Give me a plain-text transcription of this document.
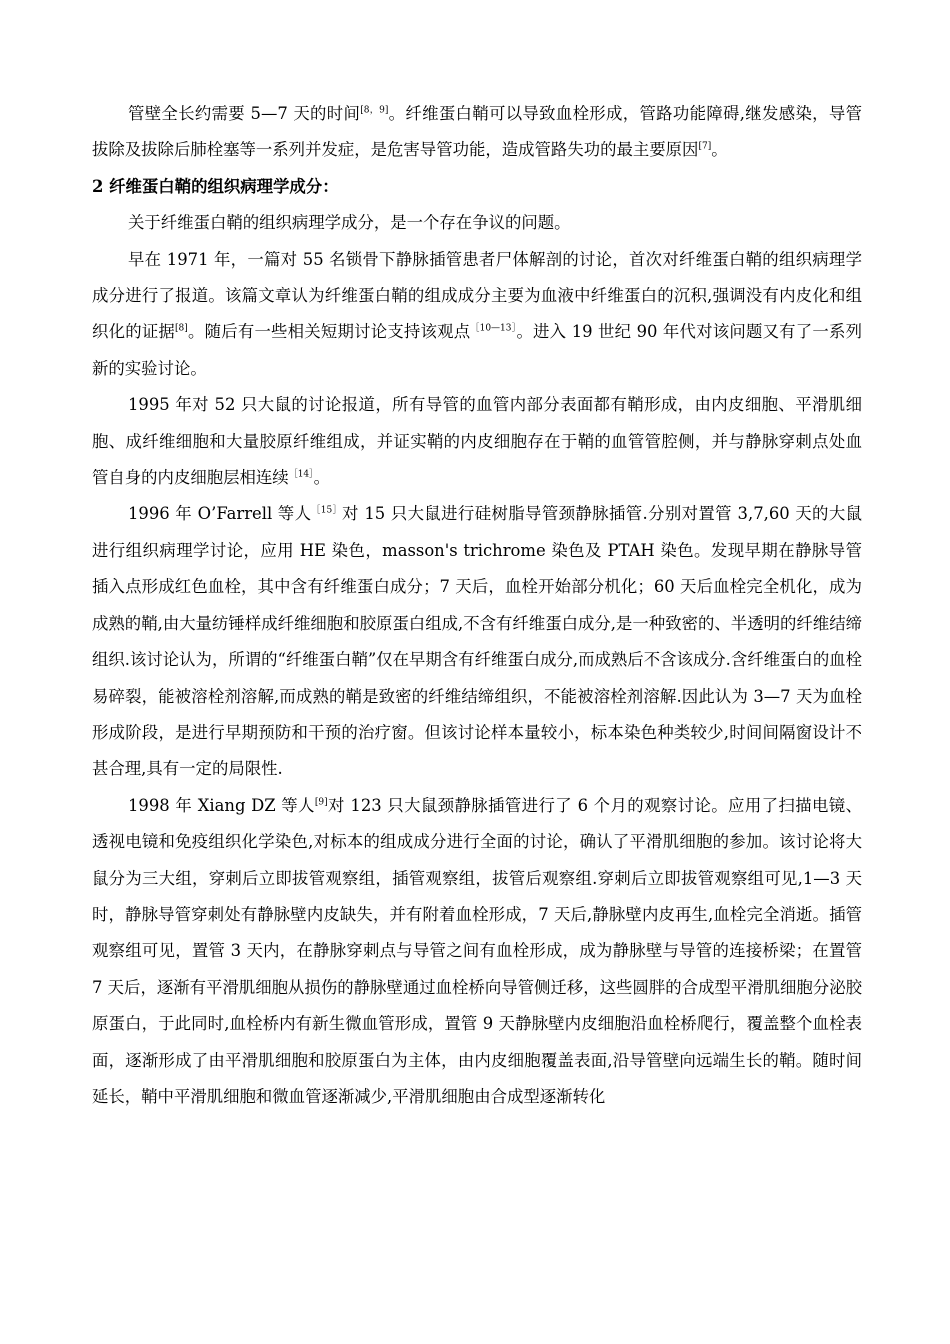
管壁全长约需要 5—7 天的时间[8，9]。纤维蛋白鞘可以导致血栓形成，管路功能障碍,继发感染，导管拔除及拔除后肺栓塞等一系列并发症，是危害导管功能，造成管路失功的最主要原因[7]。

2 纤维蛋白鞘的组织病理学成分：

关于纤维蛋白鞘的组织病理学成分，是一个存在争议的问题。

早在 1971 年，一篇对 55 名锁骨下静脉插管患者尸体解剖的讨论，首次对纤维蛋白鞘的组织病理学成分进行了报道。该篇文章认为纤维蛋白鞘的组成成分主要为血液中纤维蛋白的沉积,强调没有内皮化和组织化的证据[8]。随后有一些相关短期讨论支持该观点$^{[10—13]}$。进入 19 世纪 90 年代对该问题又有了一系列新的实验讨论。

1995 年对 52 只大鼠的讨论报道，所有导管的血管内部分表面都有鞘形成，由内皮细胞、平滑肌细胞、成纤维细胞和大量胶原纤维组成，并证实鞘的内皮细胞存在于鞘的血管管腔侧，并与静脉穿刺点处血管自身的内皮细胞层相连续$^{[14]}$。

1996 年 O’Farrell 等人$^{[15]}$对 15 只大鼠进行硅树脂导管颈静脉插管.分别对置管 3,7,60 天的大鼠进行组织病理学讨论，应用 HE 染色，masson's trichrome 染色及 PTAH 染色。发现早期在静脉导管插入点形成红色血栓，其中含有纤维蛋白成分；7 天后，血栓开始部分机化；60 天后血栓完全机化，成为成熟的鞘,由大量纺锤样成纤维细胞和胶原蛋白组成,不含有纤维蛋白成分,是一种致密的、半透明的纤维结缔组织.该讨论认为，所谓的“纤维蛋白鞘”仅在早期含有纤维蛋白成分,而成熟后不含该成分.含纤维蛋白的血栓易碎裂，能被溶栓剂溶解,而成熟的鞘是致密的纤维结缔组织，不能被溶栓剂溶解.因此认为 3—7 天为血栓形成阶段，是进行早期预防和干预的治疗窗。但该讨论样本量较小，标本染色种类较少,时间间隔窗设计不甚合理,具有一定的局限性.

1998 年 Xiang DZ 等人[9]对 123 只大鼠颈静脉插管进行了 6 个月的观察讨论。应用了扫描电镜、透视电镜和免疫组织化学染色,对标本的组成成分进行全面的讨论，确认了平滑肌细胞的参加。该讨论将大鼠分为三大组，穿刺后立即拔管观察组，插管观察组，拔管后观察组.穿刺后立即拔管观察组可见,1—3 天时，静脉导管穿刺处有静脉壁内皮缺失，并有附着血栓形成，7 天后,静脉壁内皮再生,血栓完全消逝。插管观察组可见，置管 3 天内，在静脉穿刺点与导管之间有血栓形成，成为静脉壁与导管的连接桥梁；在置管 7 天后，逐渐有平滑肌细胞从损伤的静脉壁通过血栓桥向导管侧迁移，这些圆胖的合成型平滑肌细胞分泌胶原蛋白，于此同时,血栓桥内有新生微血管形成，置管 9 天静脉壁内皮细胞沿血栓桥爬行，覆盖整个血栓表面，逐渐形成了由平滑肌细胞和胶原蛋白为主体，由内皮细胞覆盖表面,沿导管壁向远端生长的鞘。随时间延长，鞘中平滑肌细胞和微血管逐渐减少,平滑肌细胞由合成型逐渐转化
